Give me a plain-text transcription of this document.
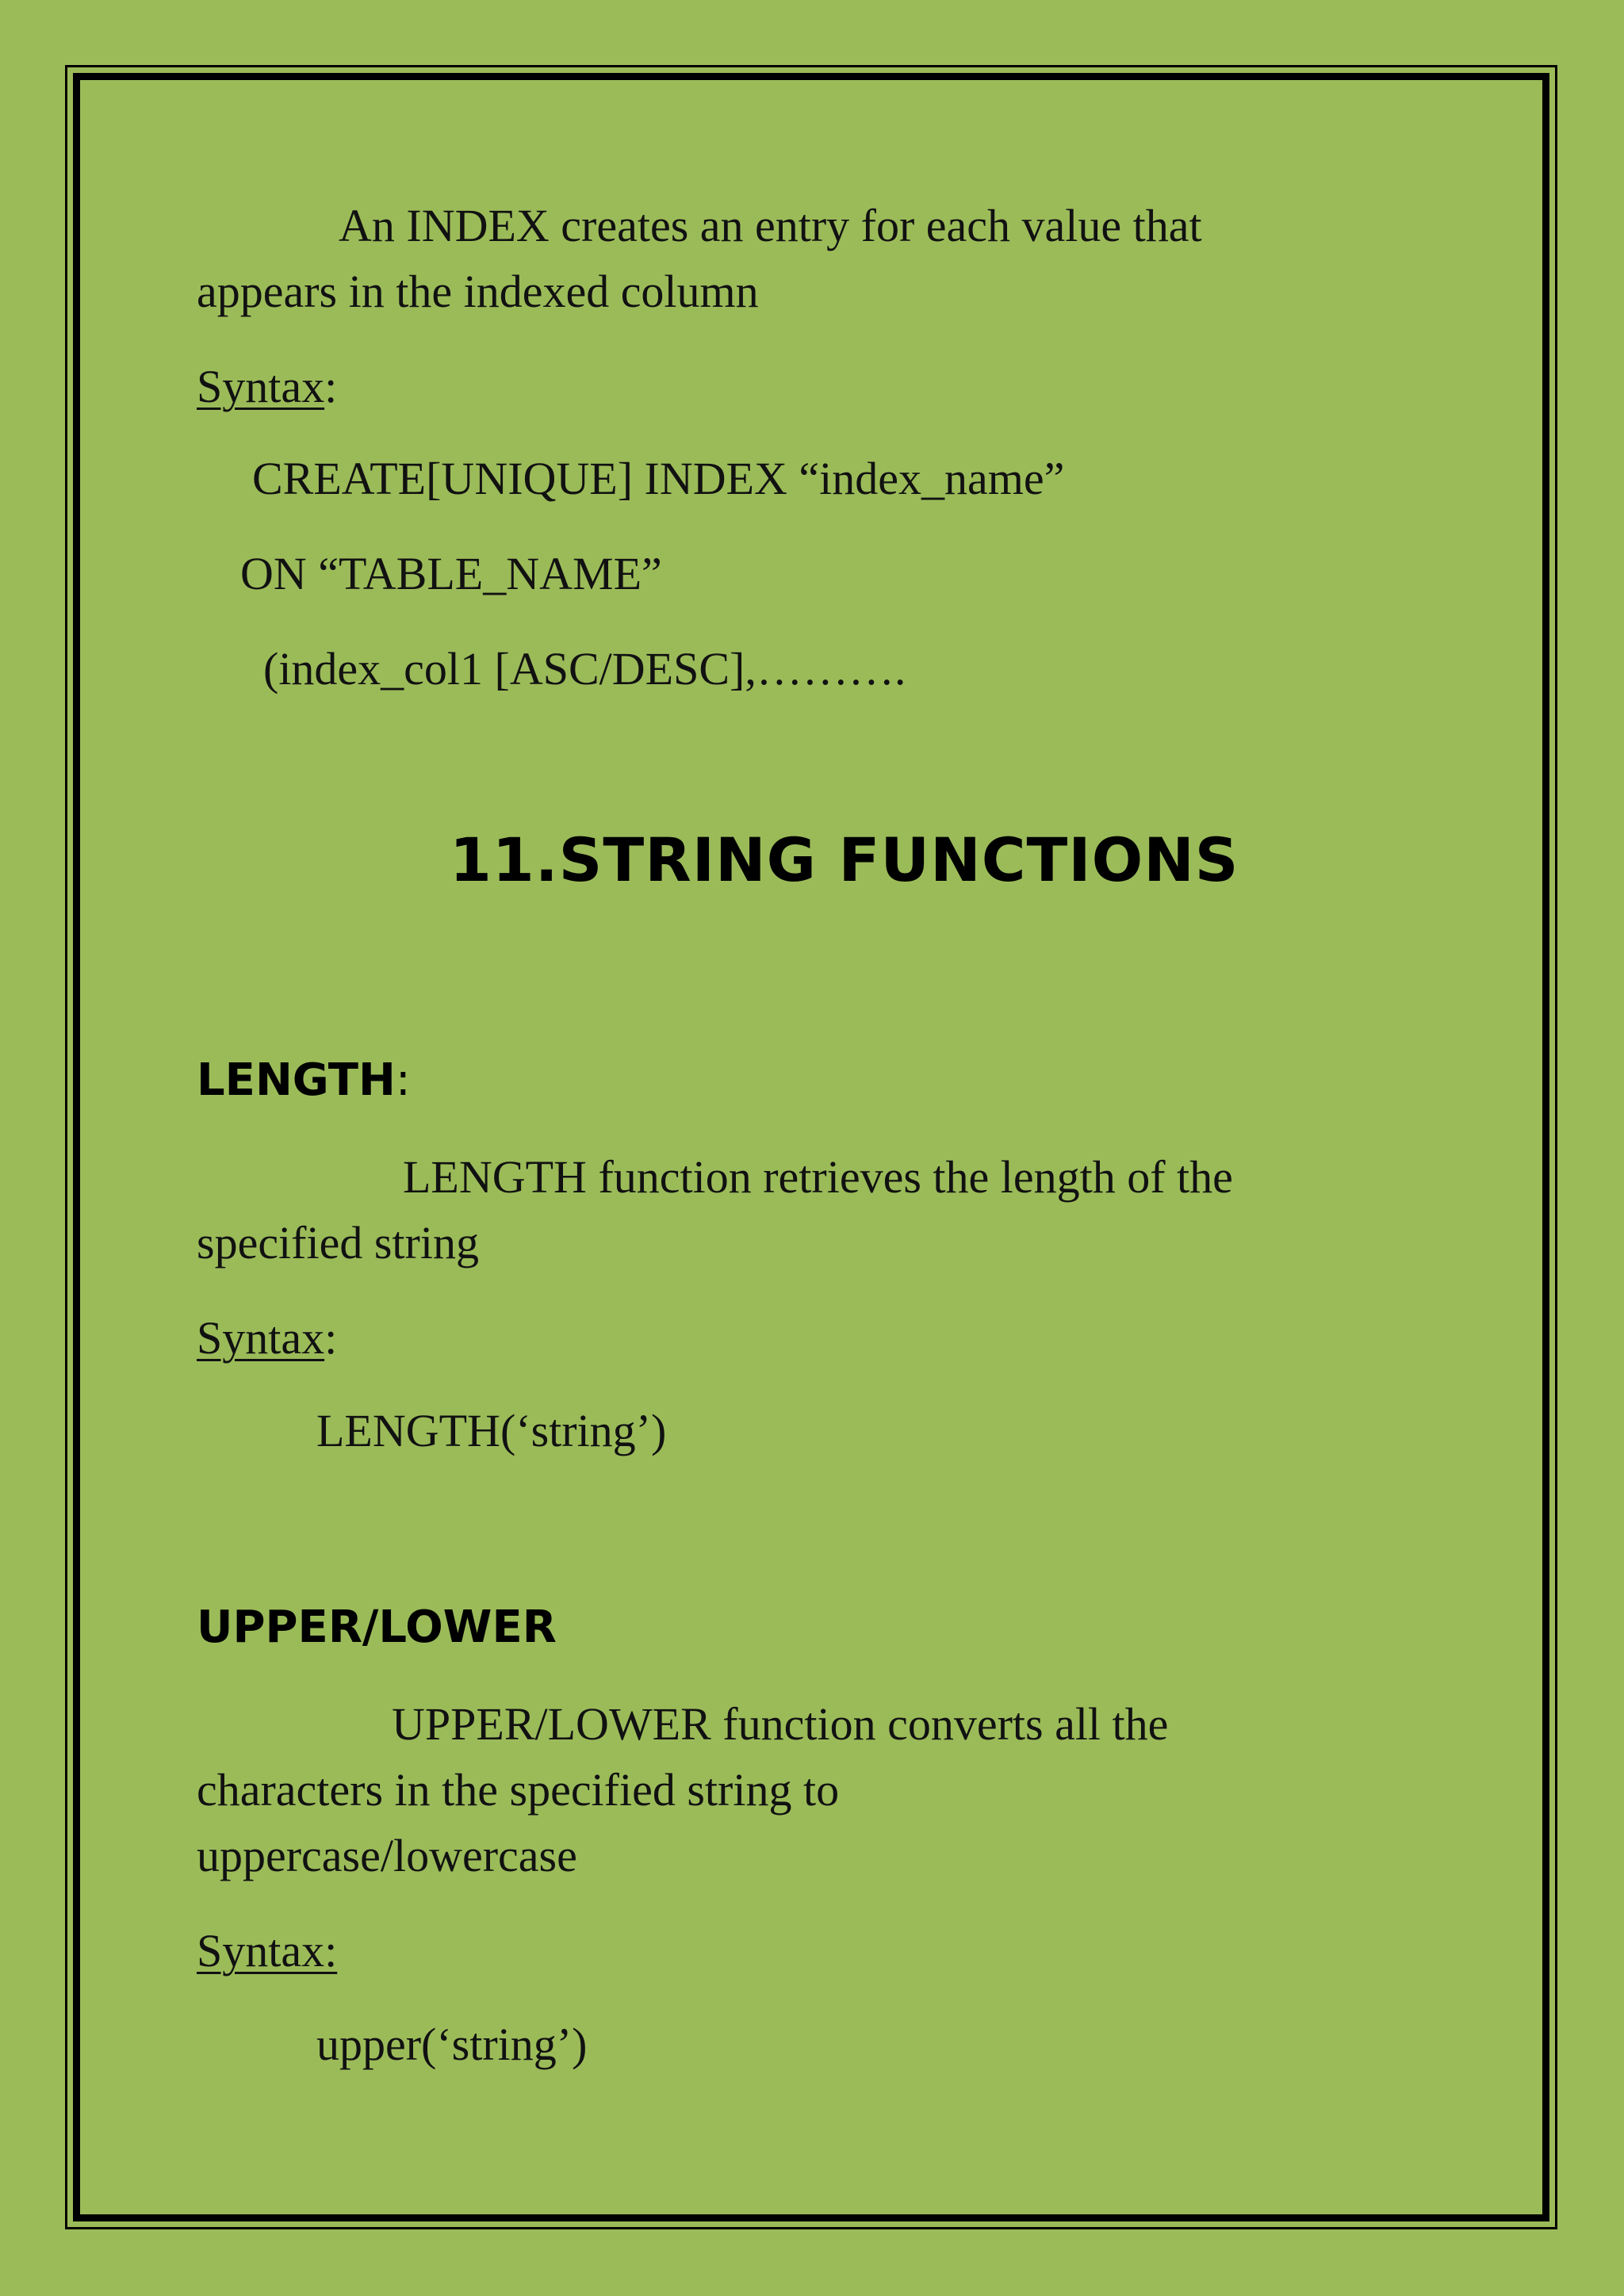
An INDEX creates an entry for each value that
appears in the indexed column
Syntax:
CREATE[UNIQUE] INDEX “index_name”
ON “TABLE_NAME”
(index_col1 [ASC/DESC],……….
11.STRING FUNCTIONS
LENGTH:
LENGTH function retrieves the length of the
specified string
Syntax:
LENGTH(‘string’)
UPPER/LOWER
UPPER/LOWER function converts all the
characters in the specified string to
uppercase/lowercase
Syntax:
upper(‘string’)
